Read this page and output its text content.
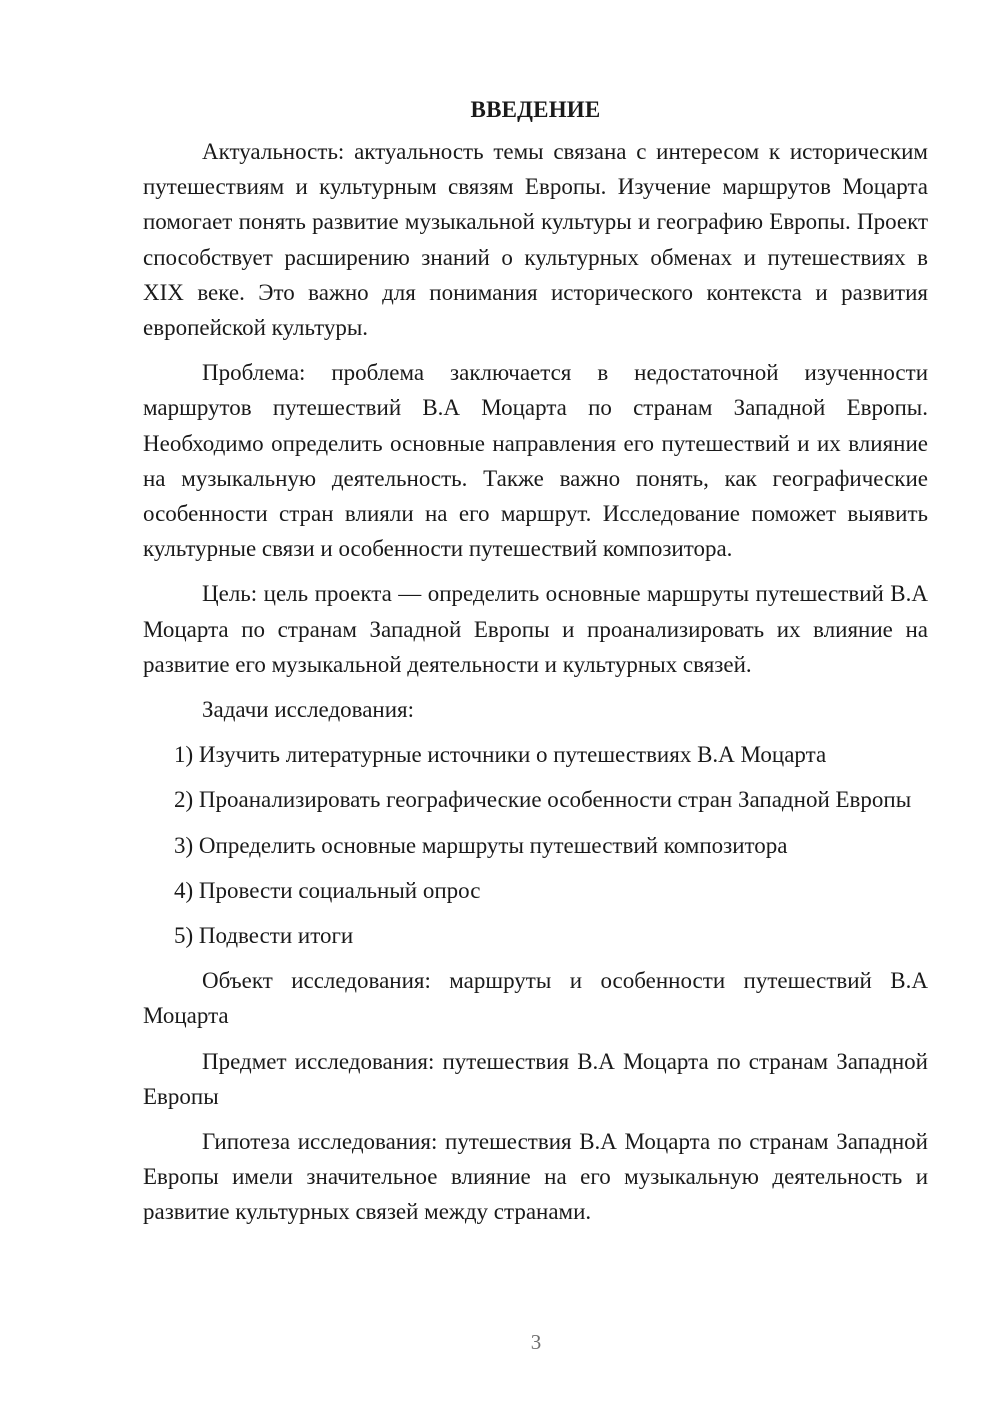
ВВЕДЕНИЕ

Актуальность: актуальность темы связана с интересом к историческим путешествиям и культурным связям Европы. Изучение маршрутов Моцарта помогает понять развитие музыкальной культуры и географию Европы. Проект способствует расширению знаний о культурных обменах и путешествиях в XIX веке. Это важно для понимания исторического контекста и развития европейской культуры.

Проблема: проблема заключается в недостаточной изученности маршрутов путешествий В.А Моцарта по странам Западной Европы. Необходимо определить основные направления его путешествий и их влияние на музыкальную деятельность. Также важно понять, как географические особенности стран влияли на его маршрут. Исследование поможет выявить культурные связи и особенности путешествий композитора.

Цель: цель проекта — определить основные маршруты путешествий В.А Моцарта по странам Западной Европы и проанализировать их влияние на развитие его музыкальной деятельности и культурных связей.

Задачи исследования:

1) Изучить литературные источники о путешествиях В.А Моцарта

2) Проанализировать географические особенности стран Западной Европы

3) Определить основные маршруты путешествий композитора

4) Провести социальный опрос

5) Подвести итоги

Объект исследования: маршруты и особенности путешествий В.А Моцарта

Предмет исследования: путешествия В.А Моцарта по странам Западной Европы

Гипотеза исследования: путешествия В.А Моцарта по странам Западной Европы имели значительное влияние на его музыкальную деятельность и развитие культурных связей между странами.

3
